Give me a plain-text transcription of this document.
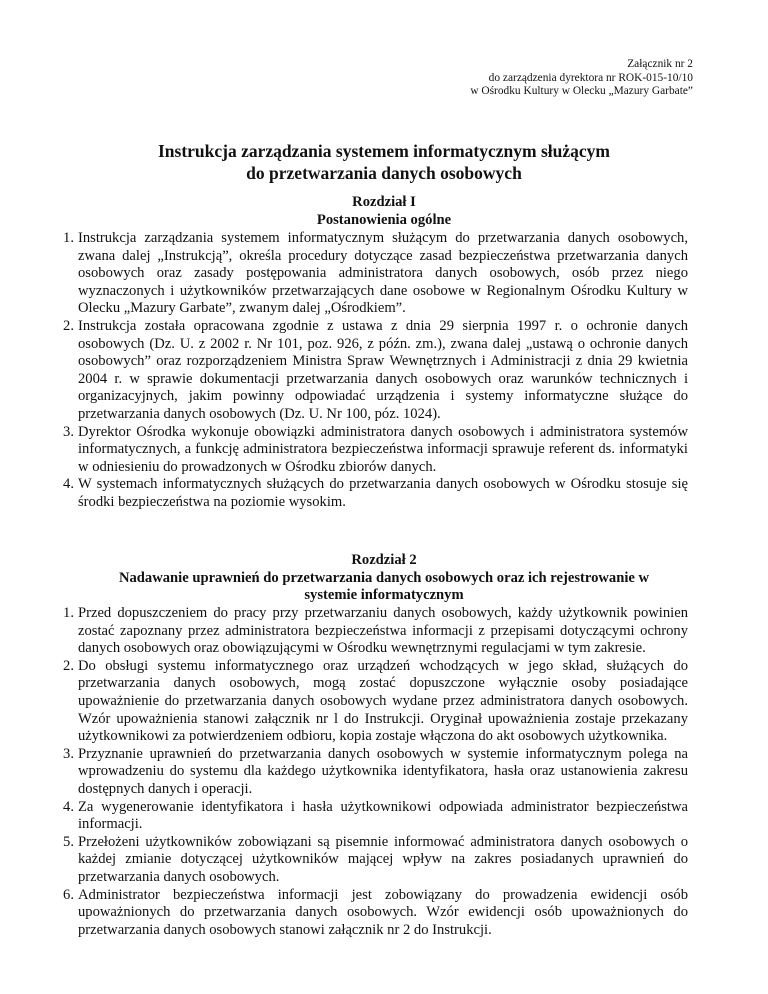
Załącznik nr 2
do zarządzenia dyrektora nr ROK-015-10/10
w Ośrodku Kultury w Olecku „Mazury Garbate”
Instrukcja zarządzania systemem informatycznym służącym
do przetwarzania danych osobowych
Rozdział I
Postanowienia ogólne
1. Instrukcja zarządzania systemem informatycznym służącym do przetwarzania danych osobowych, zwana dalej „Instrukcją”, określa procedury dotyczące zasad bezpieczeństwa przetwarzania danych osobowych oraz zasady postępowania administratora danych osobowych, osób przez niego wyznaczonych i użytkowników przetwarzających dane osobowe w Regionalnym Ośrodku Kultury w Olecku „Mazury Garbate”, zwanym dalej „Ośrodkiem”.
2. Instrukcja została opracowana zgodnie z ustawa z dnia 29 sierpnia 1997 r. o ochronie danych osobowych (Dz. U. z 2002 r. Nr 101, poz. 926, z późn. zm.), zwana dalej „ustawą o ochronie danych osobowych” oraz rozporządzeniem Ministra Spraw Wewnętrznych i Administracji z dnia 29 kwietnia 2004 r. w sprawie dokumentacji przetwarzania danych osobowych oraz warunków technicznych i organizacyjnych, jakim powinny odpowiadać urządzenia i systemy informatyczne służące do przetwarzania danych osobowych (Dz. U. Nr 100, póz. 1024).
3. Dyrektor Ośrodka wykonuje obowiązki administratora danych osobowych i administratora systemów informatycznych, a funkcję administratora bezpieczeństwa informacji sprawuje referent ds. informatyki w odniesieniu do prowadzonych w Ośrodku zbiorów danych.
4. W systemach informatycznych służących do przetwarzania danych osobowych w Ośrodku stosuje się środki bezpieczeństwa na poziomie wysokim.
Rozdział 2
Nadawanie uprawnień do przetwarzania danych osobowych oraz ich rejestrowanie w systemie informatycznym
1. Przed dopuszczeniem do pracy przy przetwarzaniu danych osobowych, każdy użytkownik powinien zostać zapoznany przez administratora bezpieczeństwa informacji z przepisami dotyczącymi ochrony danych osobowych oraz obowiązującymi w Ośrodku wewnętrznymi regulacjami w tym zakresie.
2. Do obsługi systemu informatycznego oraz urządzeń wchodzących w jego skład, służących do przetwarzania danych osobowych, mogą zostać dopuszczone wyłącznie osoby posiadające upoważnienie do przetwarzania danych osobowych wydane przez administratora danych osobowych. Wzór upoważnienia stanowi załącznik nr l do Instrukcji. Oryginał upoważnienia zostaje przekazany użytkownikowi za potwierdzeniem odbioru, kopia zostaje włączona do akt osobowych użytkownika.
3. Przyznanie uprawnień do przetwarzania danych osobowych w systemie informatycznym polega na wprowadzeniu do systemu dla każdego użytkownika identyfikatora, hasła oraz ustanowienia zakresu dostępnych danych i operacji.
4. Za wygenerowanie identyfikatora i hasła użytkownikowi odpowiada administrator bezpieczeństwa informacji.
5. Przełożeni użytkowników zobowiązani są pisemnie informować administratora danych osobowych o każdej zmianie dotyczącej użytkowników mającej wpływ na zakres posiadanych uprawnień do przetwarzania danych osobowych.
6. Administrator bezpieczeństwa informacji jest zobowiązany do prowadzenia ewidencji osób upoważnionych do przetwarzania danych osobowych. Wzór ewidencji osób upoważnionych do przetwarzania danych osobowych stanowi załącznik nr 2 do Instrukcji.
